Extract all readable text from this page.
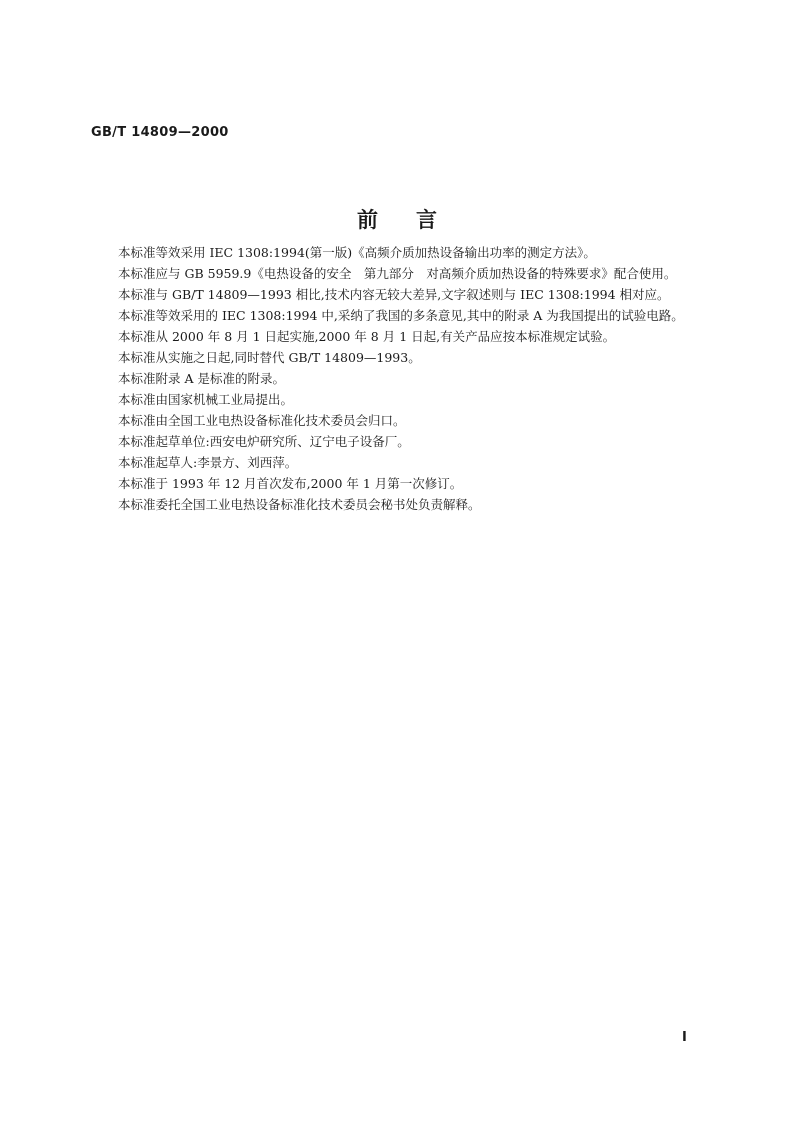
GB/T 14809—2000
前言

本标准等效采用 IEC 1308:1994(第一版)《高频介质加热设备输出功率的测定方法》。

本标准应与 GB 5959.9《电热设备的安全　第九部分　对高频介质加热设备的特殊要求》配合使用。

本标准与 GB/T 14809—1993 相比,技术内容无较大差异,文字叙述则与 IEC 1308:1994 相对应。

本标准等效采用的 IEC 1308:1994 中,采纳了我国的多条意见,其中的附录 A 为我国提出的试验电路。

本标准从 2000 年 8 月 1 日起实施,2000 年 8 月 1 日起,有关产品应按本标准规定试验。

本标准从实施之日起,同时替代 GB/T 14809—1993。

本标准附录 A 是标准的附录。

本标准由国家机械工业局提出。

本标准由全国工业电热设备标准化技术委员会归口。

本标准起草单位:西安电炉研究所、辽宁电子设备厂。

本标准起草人:李景方、刘西萍。

本标准于 1993 年 12 月首次发布,2000 年 1 月第一次修订。

本标准委托全国工业电热设备标准化技术委员会秘书处负责解释。

Ⅰ
